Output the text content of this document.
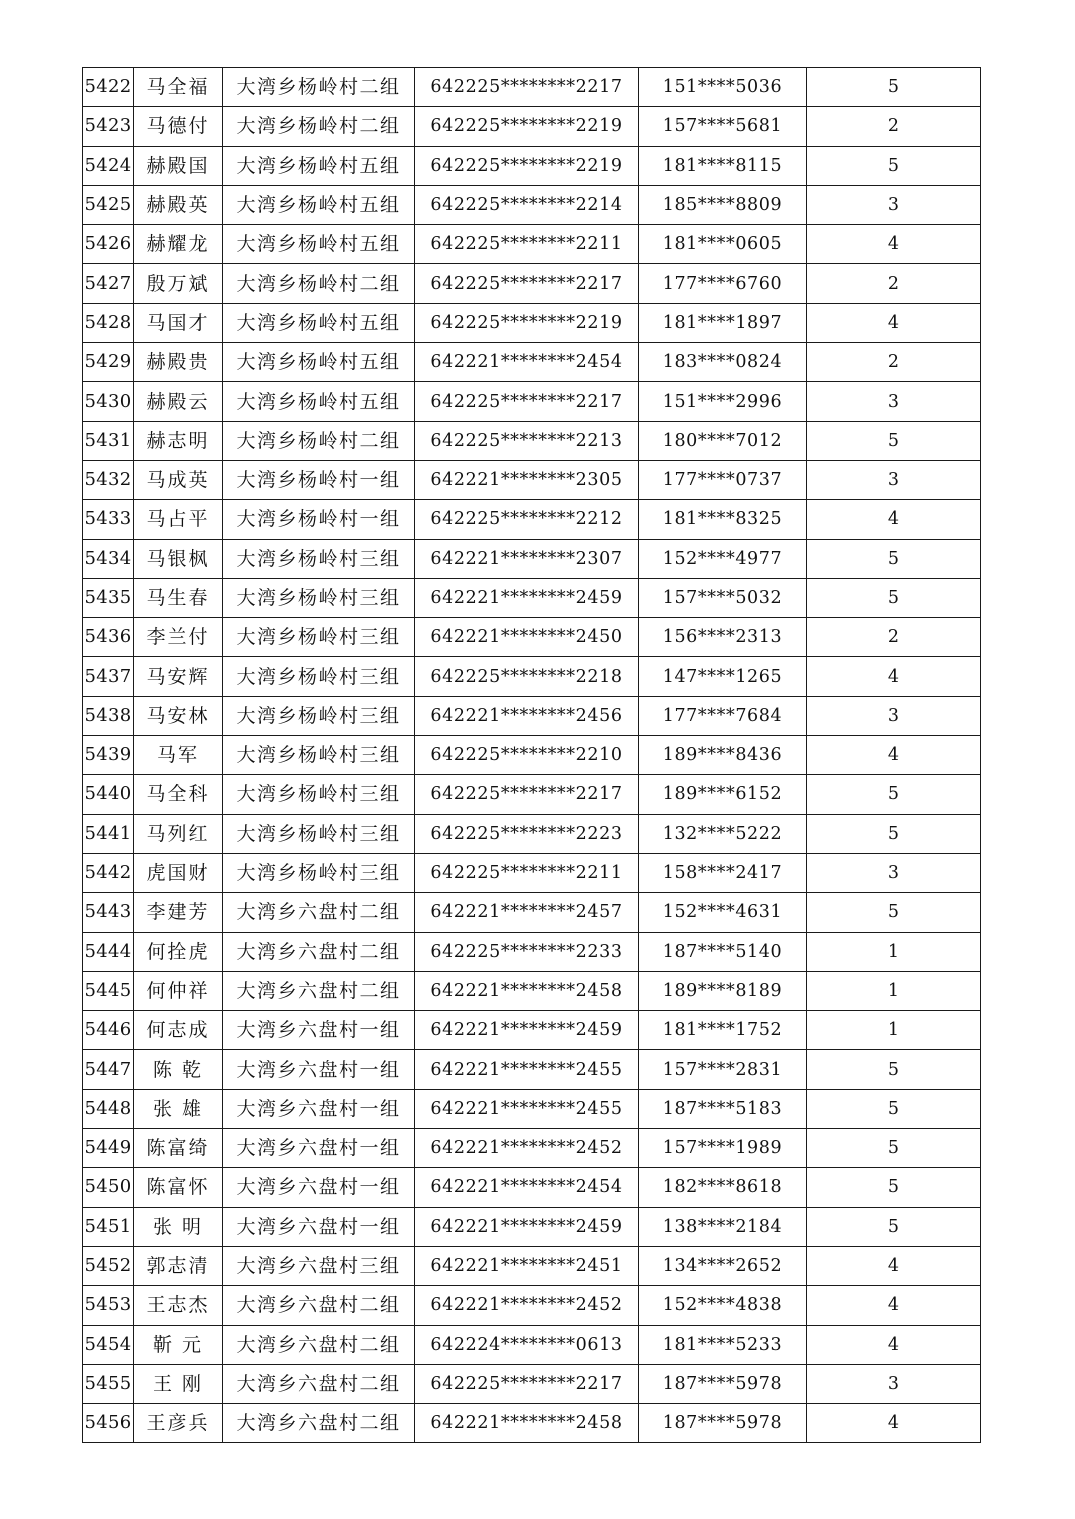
5422	马全福	大湾乡杨岭村二组	642225********2217	151****5036	5
5423	马德付	大湾乡杨岭村二组	642225********2219	157****5681	2
5424	赫殿国	大湾乡杨岭村五组	642225********2219	181****8115	5
5425	赫殿英	大湾乡杨岭村五组	642225********2214	185****8809	3
5426	赫耀龙	大湾乡杨岭村五组	642225********2211	181****0605	4
5427	殷万斌	大湾乡杨岭村二组	642225********2217	177****6760	2
5428	马国才	大湾乡杨岭村五组	642225********2219	181****1897	4
5429	赫殿贵	大湾乡杨岭村五组	642221********2454	183****0824	2
5430	赫殿云	大湾乡杨岭村五组	642225********2217	151****2996	3
5431	赫志明	大湾乡杨岭村二组	642225********2213	180****7012	5
5432	马成英	大湾乡杨岭村一组	642221********2305	177****0737	3
5433	马占平	大湾乡杨岭村一组	642225********2212	181****8325	4
5434	马银枫	大湾乡杨岭村三组	642221********2307	152****4977	5
5435	马生春	大湾乡杨岭村三组	642221********2459	157****5032	5
5436	李兰付	大湾乡杨岭村三组	642221********2450	156****2313	2
5437	马安辉	大湾乡杨岭村三组	642225********2218	147****1265	4
5438	马安林	大湾乡杨岭村三组	642221********2456	177****7684	3
5439	马军	大湾乡杨岭村三组	642225********2210	189****8436	4
5440	马全科	大湾乡杨岭村三组	642225********2217	189****6152	5
5441	马列红	大湾乡杨岭村三组	642225********2223	132****5222	5
5442	虎国财	大湾乡杨岭村三组	642225********2211	158****2417	3
5443	李建芳	大湾乡六盘村二组	642221********2457	152****4631	5
5444	何拴虎	大湾乡六盘村二组	642225********2233	187****5140	1
5445	何仲祥	大湾乡六盘村二组	642221********2458	189****8189	1
5446	何志成	大湾乡六盘村一组	642221********2459	181****1752	1
5447	陈 乾	大湾乡六盘村一组	642221********2455	157****2831	5
5448	张 雄	大湾乡六盘村一组	642221********2455	187****5183	5
5449	陈富绮	大湾乡六盘村一组	642221********2452	157****1989	5
5450	陈富怀	大湾乡六盘村一组	642221********2454	182****8618	5
5451	张 明	大湾乡六盘村一组	642221********2459	138****2184	5
5452	郭志清	大湾乡六盘村三组	642221********2451	134****2652	4
5453	王志杰	大湾乡六盘村二组	642221********2452	152****4838	4
5454	靳 元	大湾乡六盘村二组	642224********0613	181****5233	4
5455	王 刚	大湾乡六盘村二组	642225********2217	187****5978	3
5456	王彦兵	大湾乡六盘村二组	642221********2458	187****5978	4
